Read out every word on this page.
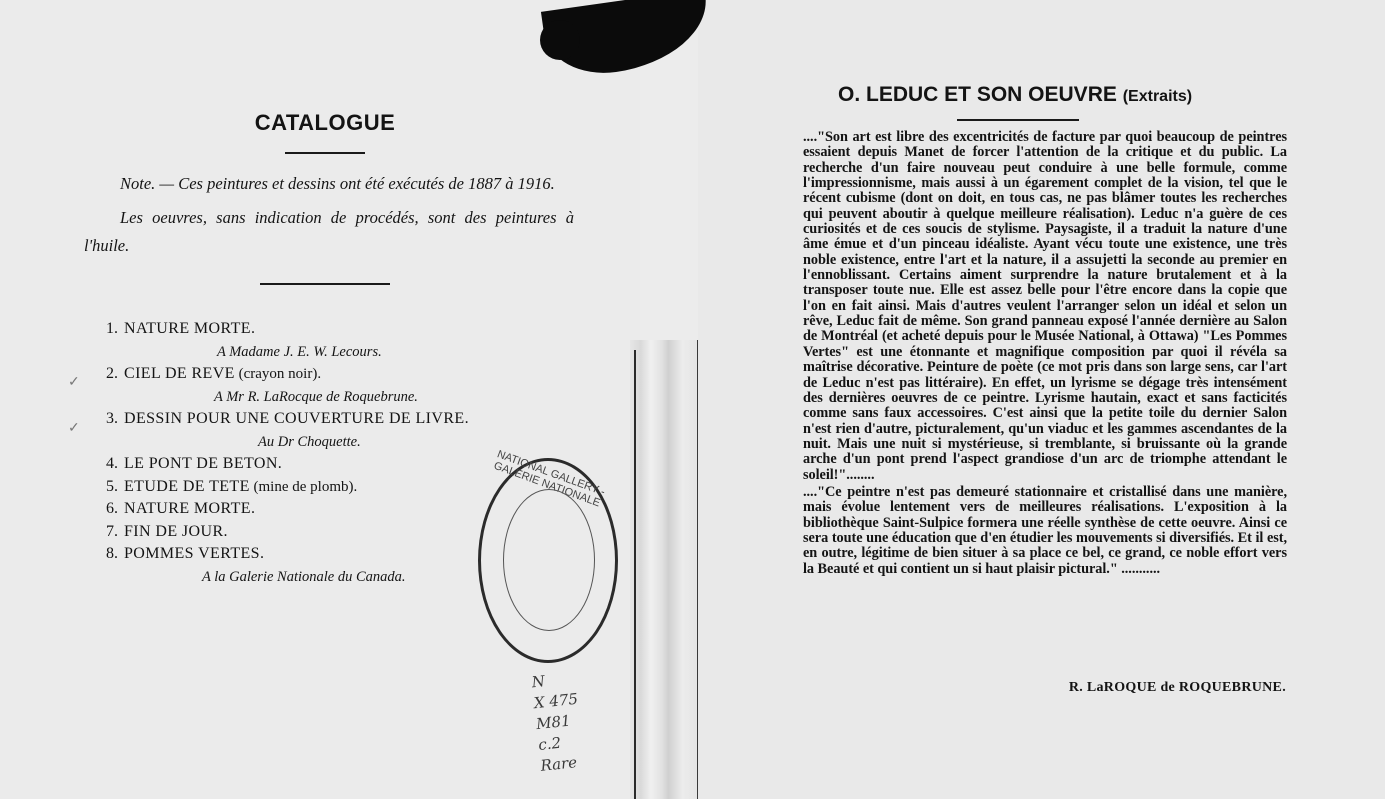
CATALOGUE

Note. — Ces peintures et dessins ont été exécutés de 1887 à 1916.

Les oeuvres, sans indication de procédés, sont des peintures à l'huile.

1. NATURE MORTE.
A Madame J. E. W. Lecours.
2. CIEL DE REVE (crayon noir).
A Mr R. LaRocque de Roquebrune.
3. DESSIN POUR UNE COUVERTURE DE LIVRE.
Au Dr Choquette.
4. LE PONT DE BETON.
5. ETUDE DE TETE (mine de plomb).
6. NATURE MORTE.
7. FIN DE JOUR.
8. POMMES VERTES.
A la Galerie Nationale du Canada.
✓
✓
NATIONAL GALLERY - GALERIE NATIONALE
N
X 475
M81
c.2
Rare
O. LEDUC ET SON OEUVRE (Extraits)

...."Son art est libre des excentricités de facture par quoi beaucoup de peintres essaient depuis Manet de forcer l'attention de la critique et du public. La recherche d'un faire nouveau peut conduire à une belle formule, comme l'impressionnisme, mais aussi à un égarement complet de la vision, tel que le récent cubisme (dont on doit, en tous cas, ne pas blâmer toutes les recherches qui peuvent aboutir à quelque meilleure réalisation). Leduc n'a guère de ces curiosités et de ces soucis de stylisme. Paysagiste, il a traduit la nature d'une âme émue et d'un pinceau idéaliste. Ayant vécu toute une existence, une très noble existence, entre l'art et la nature, il a assujetti la seconde au premier en l'ennoblissant. Certains aiment surprendre la nature brutalement et à la transposer toute nue. Elle est assez belle pour l'être encore dans la copie que l'on en fait ainsi. Mais d'autres veulent l'arranger selon un idéal et selon un rêve, Leduc fait de même. Son grand panneau exposé l'année dernière au Salon de Montréal (et acheté depuis pour le Musée National, à Ottawa) "Les Pommes Vertes" est une étonnante et magnifique composition par quoi il révéla sa maîtrise décorative. Peinture de poète (ce mot pris dans son large sens, car l'art de Leduc n'est pas littéraire). En effet, un lyrisme se dégage très intensément des dernières oeuvres de ce peintre. Lyrisme hautain, exact et sans facticités comme sans faux accessoires. C'est ainsi que la petite toile du dernier Salon n'est rien d'autre, picturalement, qu'un viaduc et les gammes ascendantes de la nuit. Mais une nuit si mystérieuse, si tremblante, si bruissante où la grande arche d'un pont prend l'aspect grandiose d'un arc de triomphe attendant le soleil!"........

...."Ce peintre n'est pas demeuré stationnaire et cristallisé dans une manière, mais évolue lentement vers de meilleures réalisations. L'exposition à la bibliothèque Saint-Sulpice formera une réelle synthèse de cette oeuvre. Ainsi ce sera toute une éducation que d'en étudier les mouvements si diversifiés. Et il est, en outre, légitime de bien situer à sa place ce bel, ce grand, ce noble effort vers la Beauté et qui contient un si haut plaisir pictural." ...........

R. LaROQUE de ROQUEBRUNE.
